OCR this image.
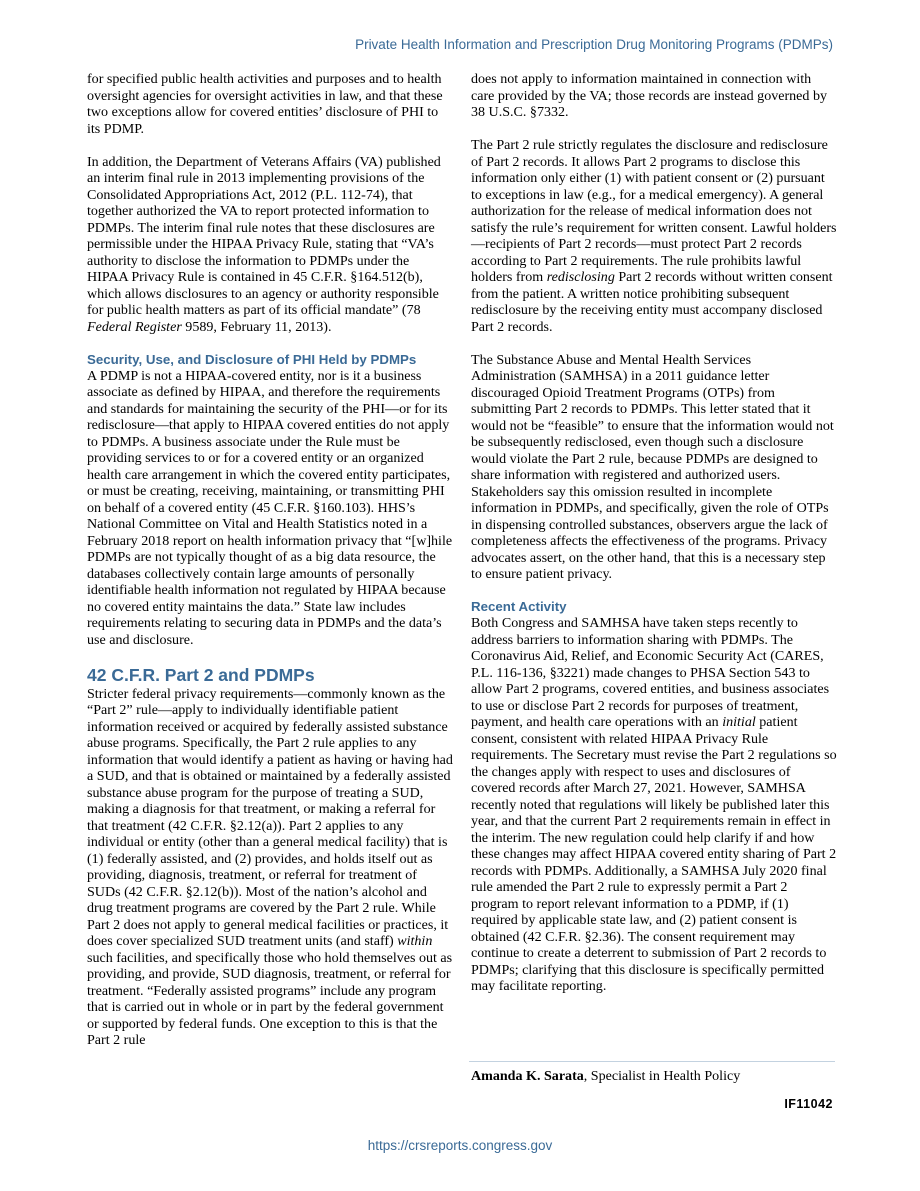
Private Health Information and Prescription Drug Monitoring Programs (PDMPs)

for specified public health activities and purposes and to health oversight agencies for oversight activities in law, and that these two exceptions allow for covered entities’ disclosure of PHI to its PDMP.

In addition, the Department of Veterans Affairs (VA) published an interim final rule in 2013 implementing provisions of the Consolidated Appropriations Act, 2012 (P.L. 112-74), that together authorized the VA to report protected information to PDMPs. The interim final rule notes that these disclosures are permissible under the HIPAA Privacy Rule, stating that “VA’s authority to disclose the information to PDMPs under the HIPAA Privacy Rule is contained in 45 C.F.R. §164.512(b), which allows disclosures to an agency or authority responsible for public health matters as part of its official mandate” (78 Federal Register 9589, February 11, 2013).

Security, Use, and Disclosure of PHI Held by PDMPs

A PDMP is not a HIPAA-covered entity, nor is it a business associate as defined by HIPAA, and therefore the requirements and standards for maintaining the security of the PHI—or for its redisclosure—that apply to HIPAA covered entities do not apply to PDMPs. A business associate under the Rule must be providing services to or for a covered entity or an organized health care arrangement in which the covered entity participates, or must be creating, receiving, maintaining, or transmitting PHI on behalf of a covered entity (45 C.F.R. §160.103). HHS’s National Committee on Vital and Health Statistics noted in a February 2018 report on health information privacy that “[w]hile PDMPs are not typically thought of as a big data resource, the databases collectively contain large amounts of personally identifiable health information not regulated by HIPAA because no covered entity maintains the data.” State law includes requirements relating to securing data in PDMPs and the data’s use and disclosure.

42 C.F.R. Part 2 and PDMPs

Stricter federal privacy requirements—commonly known as the “Part 2” rule—apply to individually identifiable patient information received or acquired by federally assisted substance abuse programs. Specifically, the Part 2 rule applies to any information that would identify a patient as having or having had a SUD, and that is obtained or maintained by a federally assisted substance abuse program for the purpose of treating a SUD, making a diagnosis for that treatment, or making a referral for that treatment (42 C.F.R. §2.12(a)). Part 2 applies to any individual or entity (other than a general medical facility) that is (1) federally assisted, and (2) provides, and holds itself out as providing, diagnosis, treatment, or referral for treatment of SUDs (42 C.F.R. §2.12(b)). Most of the nation’s alcohol and drug treatment programs are covered by the Part 2 rule. While Part 2 does not apply to general medical facilities or practices, it does cover specialized SUD treatment units (and staff) within such facilities, and specifically those who hold themselves out as providing, and provide, SUD diagnosis, treatment, or referral for treatment. “Federally assisted programs” include any program that is carried out in whole or in part by the federal government or supported by federal funds. One exception to this is that the Part 2 rule

does not apply to information maintained in connection with care provided by the VA; those records are instead governed by 38 U.S.C. §7332.

The Part 2 rule strictly regulates the disclosure and redisclosure of Part 2 records. It allows Part 2 programs to disclose this information only either (1) with patient consent or (2) pursuant to exceptions in law (e.g., for a medical emergency). A general authorization for the release of medical information does not satisfy the rule’s requirement for written consent. Lawful holders—recipients of Part 2 records—must protect Part 2 records according to Part 2 requirements. The rule prohibits lawful holders from redisclosing Part 2 records without written consent from the patient. A written notice prohibiting subsequent redisclosure by the receiving entity must accompany disclosed Part 2 records.

The Substance Abuse and Mental Health Services Administration (SAMHSA) in a 2011 guidance letter discouraged Opioid Treatment Programs (OTPs) from submitting Part 2 records to PDMPs. This letter stated that it would not be “feasible” to ensure that the information would not be subsequently redisclosed, even though such a disclosure would violate the Part 2 rule, because PDMPs are designed to share information with registered and authorized users. Stakeholders say this omission resulted in incomplete information in PDMPs, and specifically, given the role of OTPs in dispensing controlled substances, observers argue the lack of completeness affects the effectiveness of the programs. Privacy advocates assert, on the other hand, that this is a necessary step to ensure patient privacy.

Recent Activity

Both Congress and SAMHSA have taken steps recently to address barriers to information sharing with PDMPs. The Coronavirus Aid, Relief, and Economic Security Act (CARES, P.L. 116-136, §3221) made changes to PHSA Section 543 to allow Part 2 programs, covered entities, and business associates to use or disclose Part 2 records for purposes of treatment, payment, and health care operations with an initial patient consent, consistent with related HIPAA Privacy Rule requirements. The Secretary must revise the Part 2 regulations so the changes apply with respect to uses and disclosures of covered records after March 27, 2021. However, SAMHSA recently noted that regulations will likely be published later this year, and that the current Part 2 requirements remain in effect in the interim. The new regulation could help clarify if and how these changes may affect HIPAA covered entity sharing of Part 2 records with PDMPs. Additionally, a SAMHSA July 2020 final rule amended the Part 2 rule to expressly permit a Part 2 program to report relevant information to a PDMP, if (1) required by applicable state law, and (2) patient consent is obtained (42 C.F.R. §2.36). The consent requirement may continue to create a deterrent to submission of Part 2 records to PDMPs; clarifying that this disclosure is specifically permitted may facilitate reporting.

Amanda K. Sarata, Specialist in Health Policy
IF11042
https://crsreports.congress.gov
